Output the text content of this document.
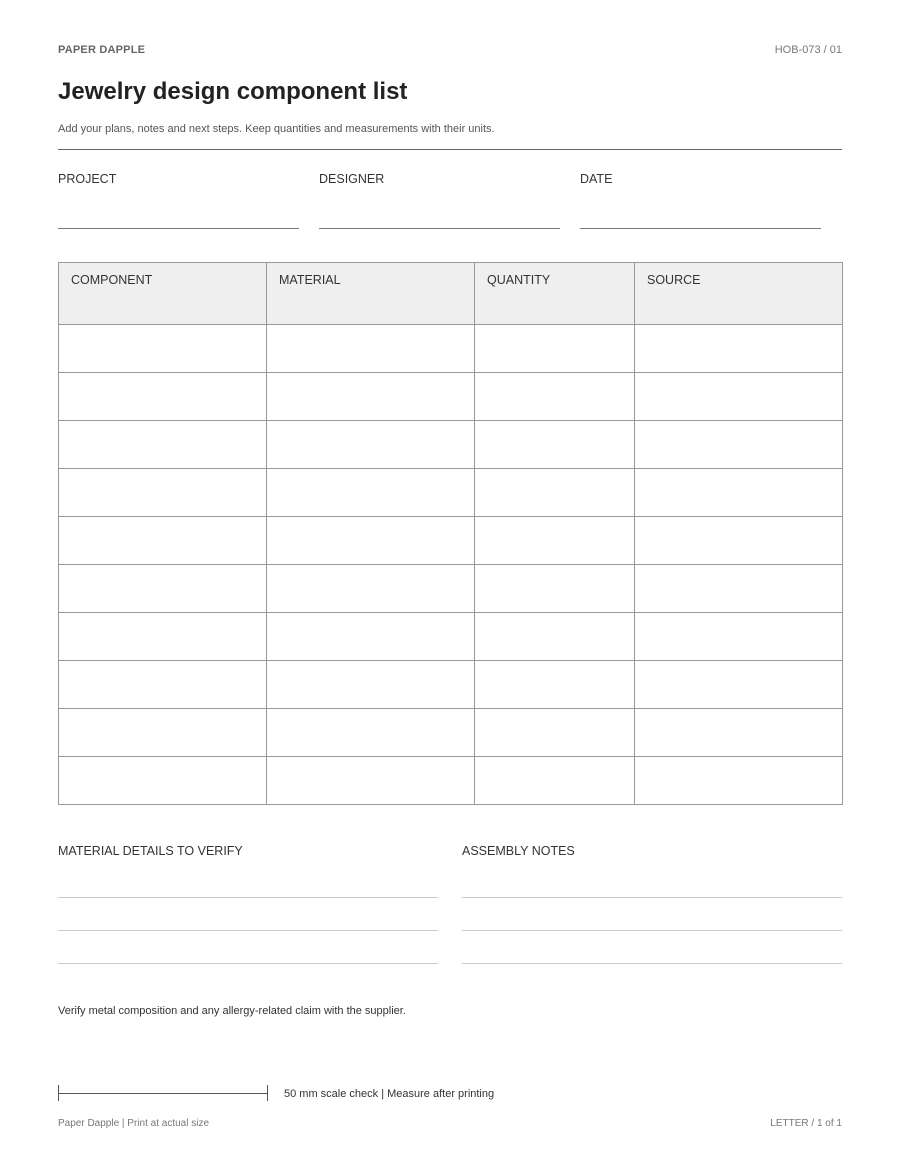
PAPER DAPPLE	HOB-073 / 01
Jewelry design component list
Add your plans, notes and next steps. Keep quantities and measurements with their units.
PROJECT	DESIGNER	DATE
COMPONENT	MATERIAL	QUANTITY	SOURCE

MATERIAL DETAILS TO VERIFY	ASSEMBLY NOTES
Verify metal composition and any allergy-related claim with the supplier.
50 mm scale check | Measure after printing
Paper Dapple | Print at actual size	LETTER / 1 of 1
